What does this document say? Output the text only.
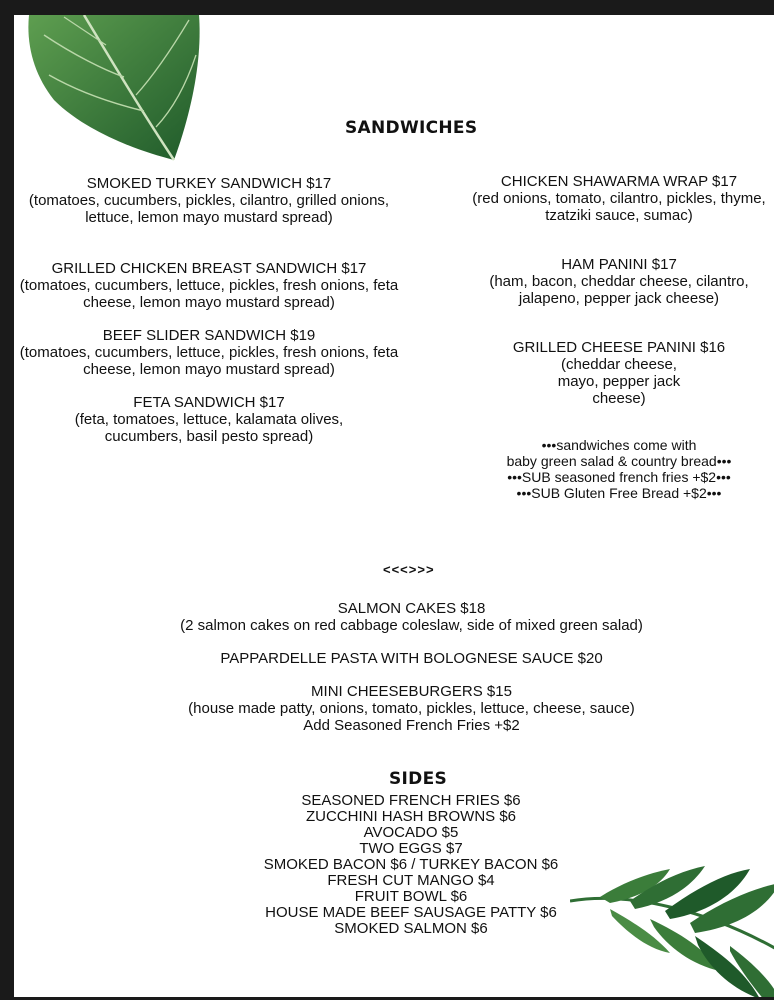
SANDWICHES
SMOKED TURKEY SANDWICH $17
(tomatoes, cucumbers, pickles, cilantro, grilled onions, lettuce, lemon mayo mustard spread)
GRILLED CHICKEN BREAST SANDWICH $17
(tomatoes, cucumbers, lettuce, pickles, fresh onions, feta cheese, lemon mayo mustard spread)
BEEF SLIDER SANDWICH $19
(tomatoes, cucumbers, lettuce, pickles, fresh onions, feta cheese, lemon mayo mustard spread)
FETA SANDWICH $17
(feta, tomatoes, lettuce, kalamata olives, cucumbers, basil pesto spread)
CHICKEN SHAWARMA WRAP $17
(red onions, tomato, cilantro, pickles, thyme, tzatziki sauce, sumac)
HAM PANINI $17
(ham, bacon, cheddar cheese, cilantro, jalapeno, pepper jack cheese)
GRILLED CHEESE PANINI $16
(cheddar cheese, mayo, pepper jack cheese)
•••sandwiches come with
baby green salad & country bread•••
•••SUB seasoned french fries +$2•••
•••SUB Gluten Free Bread +$2•••
<<<>>>
SALMON CAKES $18
(2 salmon cakes on red cabbage coleslaw, side of mixed green salad)
PAPPARDELLE PASTA WITH BOLOGNESE SAUCE $20
MINI CHEESEBURGERS $15
(house made patty, onions, tomato, pickles, lettuce, cheese, sauce)
Add Seasoned French Fries +$2
SIDES
SEASONED FRENCH FRIES $6
ZUCCHINI HASH BROWNS $6
AVOCADO $5
TWO EGGS $7
SMOKED BACON $6 / TURKEY BACON $6
FRESH CUT MANGO $4
FRUIT BOWL $6
HOUSE MADE BEEF SAUSAGE PATTY $6
SMOKED SALMON $6
